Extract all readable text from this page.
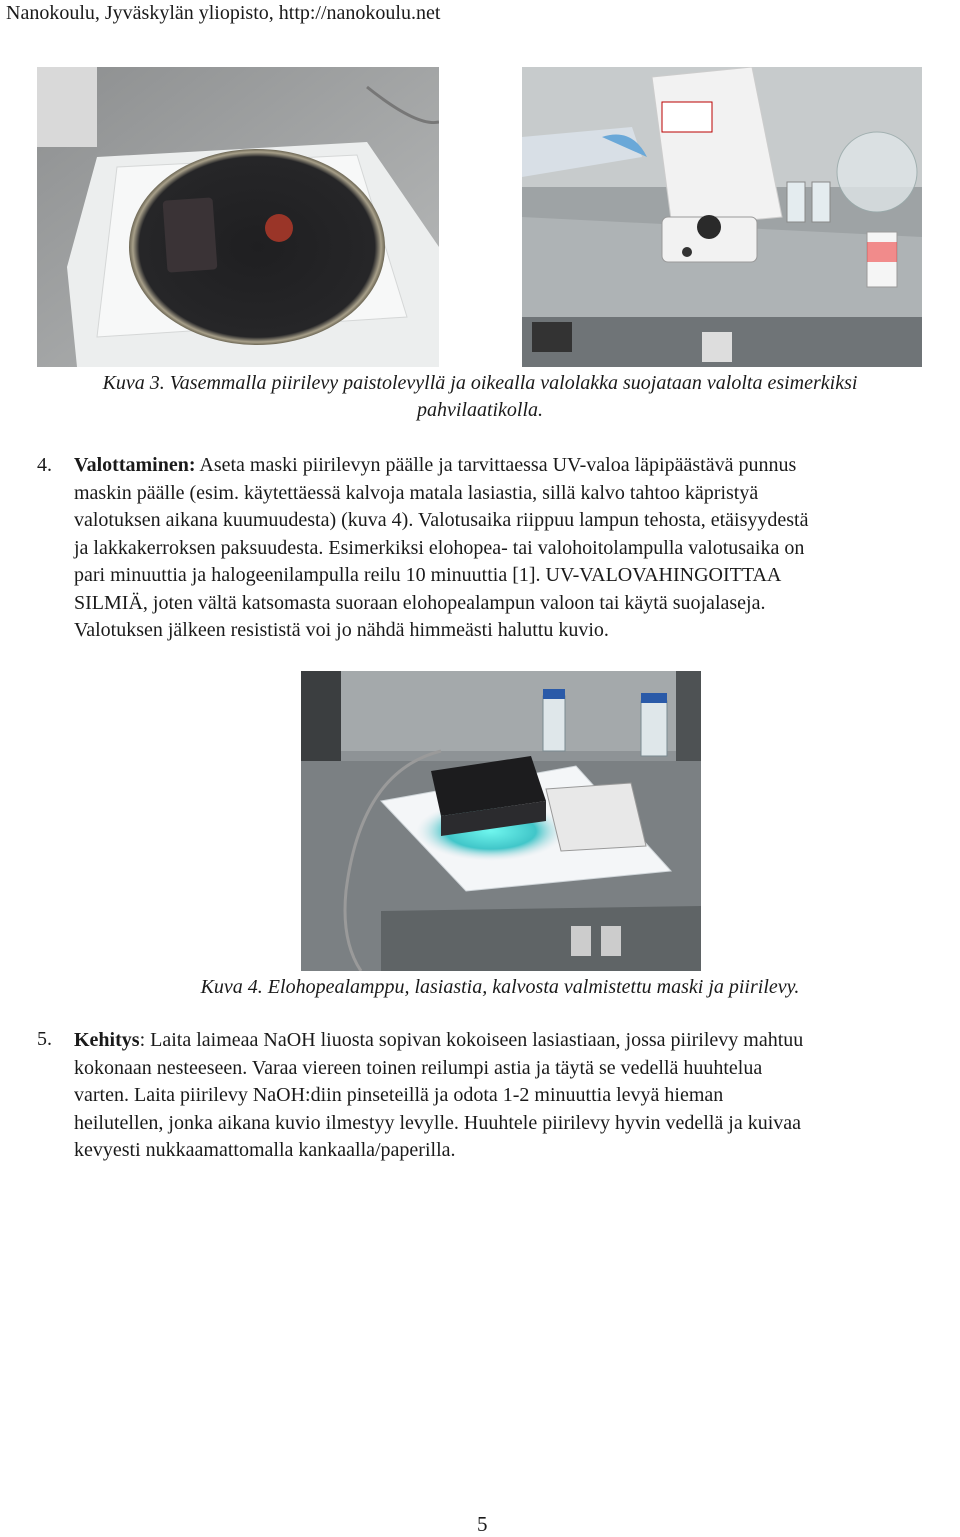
Nanokoulu, Jyväskylän yliopisto, http://nanokoulu.net
Kuva 3. Vasemmalla piirilevy paistolevyllä ja oikealla valolakka suojataan valolta esimerkiksi
pahvilaatikolla.
4. Valottaminen: Aseta maski piirilevyn päälle ja tarvittaessa UV-valoa läpipäästävä punnus
maskin päälle (esim. käytettäessä kalvoja matala lasiastia, sillä kalvo tahtoo käpristyä
valotuksen aikana kuumuudesta) (kuva 4). Valotusaika riippuu lampun tehosta, etäisyydestä
ja lakkakerroksen paksuudesta. Esimerkiksi elohopea- tai valohoitolampulla valotusaika on
pari minuuttia ja halogeenilampulla reilu 10 minuuttia [1]. UV-VALOVAHINGOITTAA
SILMIÄ, joten vältä katsomasta suoraan elohopealampun valoon tai käytä suojalaseja.
Valotuksen jälkeen resististä voi jo nähdä himmeästi haluttu kuvio.
Kuva 4. Elohopealamppu, lasiastia, kalvosta valmistettu maski ja piirilevy.
5. Kehitys: Laita laimeaa NaOH liuosta sopivan kokoiseen lasiastiaan, jossa piirilevy mahtuu
kokonaan nesteeseen. Varaa viereen toinen reilumpi astia ja täytä se vedellä huuhtelua
varten. Laita piirilevy NaOH:diin pinseteillä ja odota 1-2 minuuttia levyä hieman
heilutellen, jonka aikana kuvio ilmestyy levylle. Huuhtele piirilevy hyvin vedellä ja kuivaa
kevyesti nukkaamattomalla kankaalla/paperilla.
5
